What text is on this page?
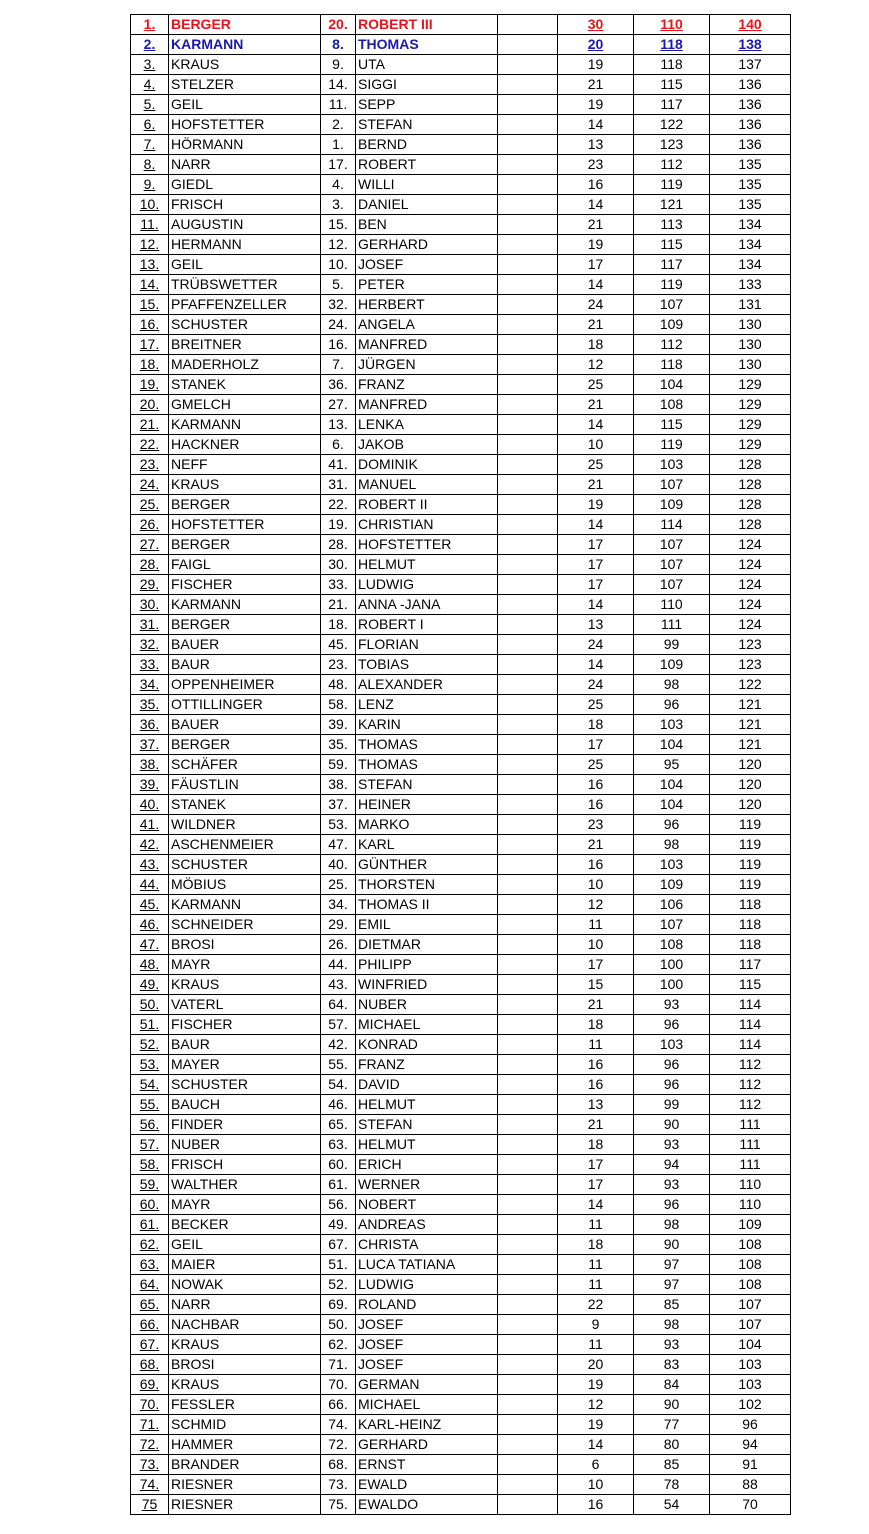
1.	BERGER	20.	ROBERT III		30	110	140
2.	KARMANN	8.	THOMAS		20	118	138
3.	KRAUS	9.	UTA		19	118	137
4.	STELZER	14.	SIGGI		21	115	136
5.	GEIL	11.	SEPP		19	117	136
6.	HOFSTETTER	2.	STEFAN		14	122	136
7.	HÖRMANN	1.	BERND		13	123	136
8.	NARR	17.	ROBERT		23	112	135
9.	GIEDL	4.	WILLI		16	119	135
10.	FRISCH	3.	DANIEL		14	121	135
11.	AUGUSTIN	15.	BEN		21	113	134
12.	HERMANN	12.	GERHARD		19	115	134
13.	GEIL	10.	JOSEF		17	117	134
14.	TRÜBSWETTER	5.	PETER		14	119	133
15.	PFAFFENZELLER	32.	HERBERT		24	107	131
16.	SCHUSTER	24.	ANGELA		21	109	130
17.	BREITNER	16.	MANFRED		18	112	130
18.	MADERHOLZ	7.	JÜRGEN		12	118	130
19.	STANEK	36.	FRANZ		25	104	129
20.	GMELCH	27.	MANFRED		21	108	129
21.	KARMANN	13.	LENKA		14	115	129
22.	HACKNER	6.	JAKOB		10	119	129
23.	NEFF	41.	DOMINIK		25	103	128
24.	KRAUS	31.	MANUEL		21	107	128
25.	BERGER	22.	ROBERT II		19	109	128
26.	HOFSTETTER	19.	CHRISTIAN		14	114	128
27.	BERGER	28.	HOFSTETTER		17	107	124
28.	FAIGL	30.	HELMUT		17	107	124
29.	FISCHER	33.	LUDWIG		17	107	124
30.	KARMANN	21.	ANNA -JANA		14	110	124
31.	BERGER	18.	ROBERT I		13	111	124
32.	BAUER	45.	FLORIAN		24	99	123
33.	BAUR	23.	TOBIAS		14	109	123
34.	OPPENHEIMER	48.	ALEXANDER		24	98	122
35.	OTTILLINGER	58.	LENZ		25	96	121
36.	BAUER	39.	KARIN		18	103	121
37.	BERGER	35.	THOMAS		17	104	121
38.	SCHÄFER	59.	THOMAS		25	95	120
39.	FÄUSTLIN	38.	STEFAN		16	104	120
40.	STANEK	37.	HEINER		16	104	120
41.	WILDNER	53.	MARKO		23	96	119
42.	ASCHENMEIER	47.	KARL		21	98	119
43.	SCHUSTER	40.	GÜNTHER		16	103	119
44.	MÖBIUS	25.	THORSTEN		10	109	119
45.	KARMANN	34.	THOMAS II		12	106	118
46.	SCHNEIDER	29.	EMIL		11	107	118
47.	BROSI	26.	DIETMAR		10	108	118
48.	MAYR	44.	PHILIPP		17	100	117
49.	KRAUS	43.	WINFRIED		15	100	115
50.	VATERL	64.	NUBER		21	93	114
51.	FISCHER	57.	MICHAEL		18	96	114
52.	BAUR	42.	KONRAD		11	103	114
53.	MAYER	55.	FRANZ		16	96	112
54.	SCHUSTER	54.	DAVID		16	96	112
55.	BAUCH	46.	HELMUT		13	99	112
56.	FINDER	65.	STEFAN		21	90	111
57.	NUBER	63.	HELMUT		18	93	111
58.	FRISCH	60.	ERICH		17	94	111
59.	WALTHER	61.	WERNER		17	93	110
60.	MAYR	56.	NOBERT		14	96	110
61.	BECKER	49.	ANDREAS		11	98	109
62.	GEIL	67.	CHRISTA		18	90	108
63.	MAIER	51.	LUCA TATIANA		11	97	108
64.	NOWAK	52.	LUDWIG		11	97	108
65.	NARR	69.	ROLAND		22	85	107
66.	NACHBAR	50.	JOSEF		9	98	107
67.	KRAUS	62.	JOSEF		11	93	104
68.	BROSI	71.	JOSEF		20	83	103
69.	KRAUS	70.	GERMAN		19	84	103
70.	FESSLER	66.	MICHAEL		12	90	102
71.	SCHMID	74.	KARL-HEINZ		19	77	96
72.	HAMMER	72.	GERHARD		14	80	94
73.	BRANDER	68.	ERNST		6	85	91
74.	RIESNER	73.	EWALD		10	78	88
75	RIESNER	75.	EWALDO		16	54	70
